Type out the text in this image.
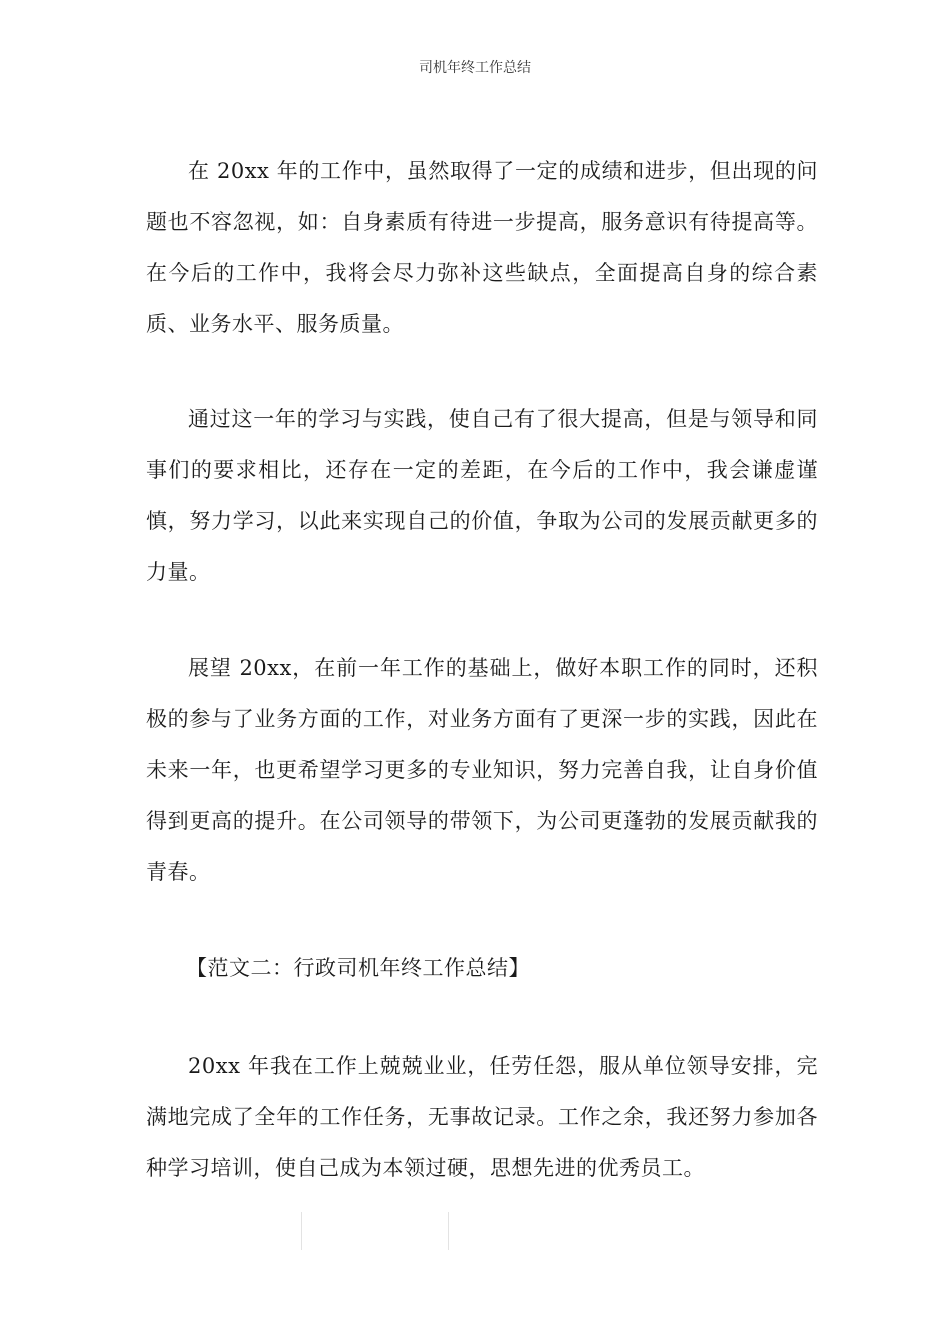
司机年终工作总结

在 20xx 年的工作中，虽然取得了一定的成绩和进步，但出现的问题也不容忽视，如：自身素质有待进一步提高，服务意识有待提高等。在今后的工作中，我将会尽力弥补这些缺点，全面提高自身的综合素质、业务水平、服务质量。

通过这一年的学习与实践，使自己有了很大提高，但是与领导和同事们的要求相比，还存在一定的差距，在今后的工作中，我会谦虚谨慎，努力学习，以此来实现自己的价值，争取为公司的发展贡献更多的力量。

展望 20xx，在前一年工作的基础上，做好本职工作的同时，还积极的参与了业务方面的工作，对业务方面有了更深一步的实践，因此在未来一年，也更希望学习更多的专业知识，努力完善自我，让自身价值得到更高的提升。在公司领导的带领下，为公司更蓬勃的发展贡献我的青春。

【范文二：行政司机年终工作总结】

20xx 年我在工作上兢兢业业，任劳任怨，服从单位领导安排，完满地完成了全年的工作任务，无事故记录。工作之余，我还努力参加各种学习培训，使自己成为本领过硬，思想先进的优秀员工。
